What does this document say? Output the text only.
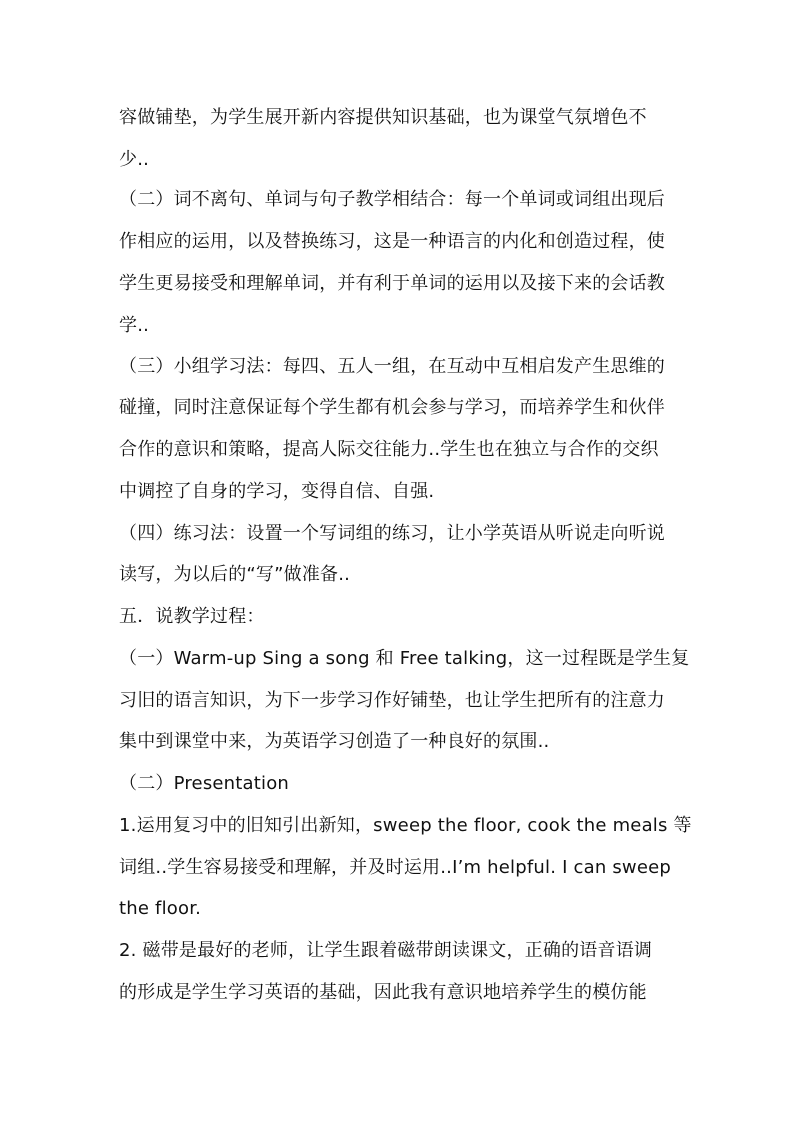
容做铺垫，为学生展开新内容提供知识基础，也为课堂气氛增色不
少..
（二）词不离句、单词与句子教学相结合：每一个单词或词组出现后
作相应的运用，以及替换练习，这是一种语言的内化和创造过程，使
学生更易接受和理解单词，并有利于单词的运用以及接下来的会话教
学..
（三）小组学习法：每四、五人一组，在互动中互相启发产生思维的
碰撞，同时注意保证每个学生都有机会参与学习，而培养学生和伙伴
合作的意识和策略，提高人际交往能力..学生也在独立与合作的交织
中调控了自身的学习，变得自信、自强.
（四）练习法：设置一个写词组的练习，让小学英语从听说走向听说
读写，为以后的“写”做准备..
五．说教学过程：
（一）Warm-up Sing a song 和 Free talking，这一过程既是学生复
习旧的语言知识，为下一步学习作好铺垫，也让学生把所有的注意力
集中到课堂中来，为英语学习创造了一种良好的氛围..
（二）Presentation
1.运用复习中的旧知引出新知，sweep the floor, cook the meals 等
词组..学生容易接受和理解，并及时运用..I’m helpful. I can sweep
the floor.
2. 磁带是最好的老师，让学生跟着磁带朗读课文，正确的语音语调
的形成是学生学习英语的基础，因此我有意识地培养学生的模仿能
